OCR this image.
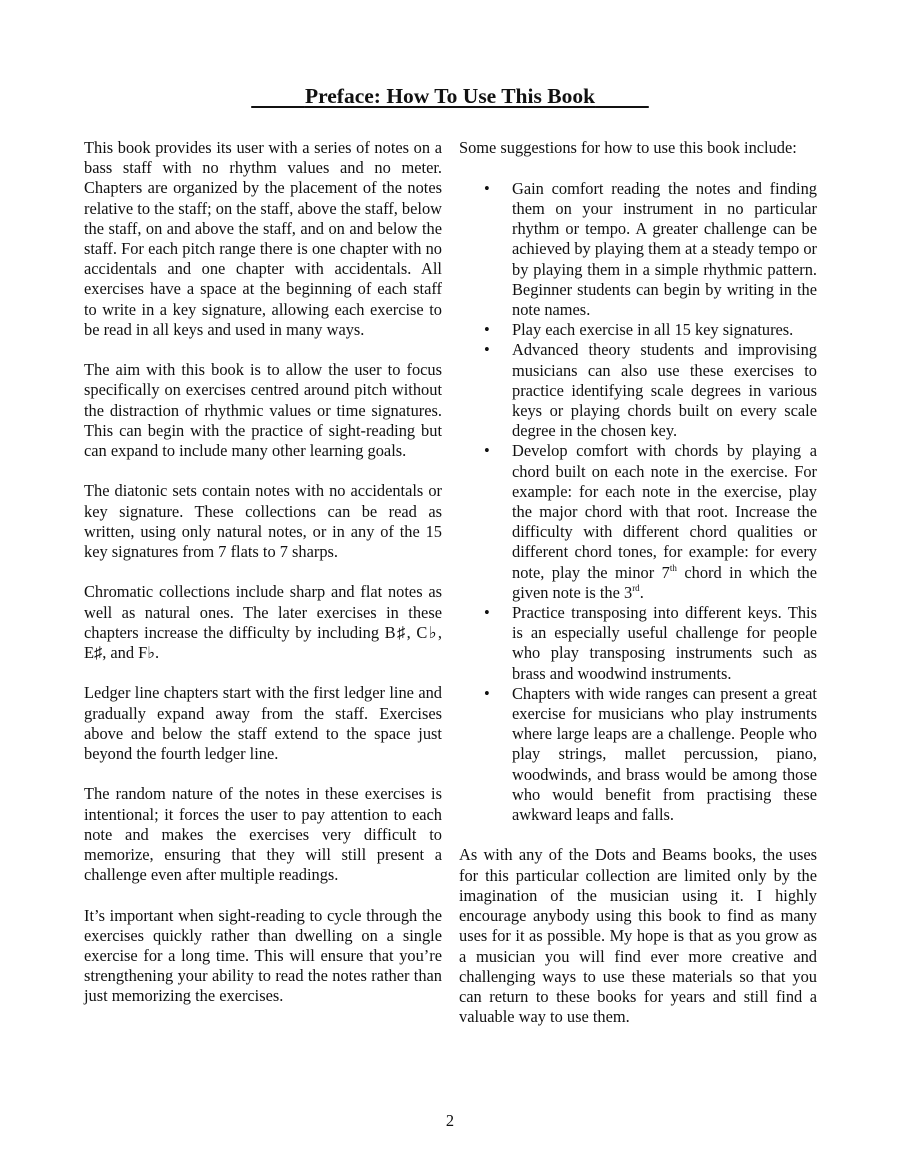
Preface: How To Use This Book

This book provides its user with a series of notes on a bass staff with no rhythm values and no meter. Chapters are organized by the placement of the notes relative to the staff; on the staff, above the staff, below the staff, on and above the staff, and on and below the staff. For each pitch range there is one chapter with no accidentals and one chapter with accidentals. All exercises have a space at the beginning of each staff to write in a key signature, allowing each exercise to be read in all keys and used in many ways.

The aim with this book is to allow the user to focus specifically on exercises centred around pitch without the distraction of rhythmic values or time signatures. This can begin with the practice of sight-reading but can expand to include many other learning goals.

The diatonic sets contain notes with no accidentals or key signature. These collections can be read as written, using only natural notes, or in any of the 15 key signatures from 7 flats to 7 sharps.

Chromatic collections include sharp and flat notes as well as natural ones. The later exercises in these chapters increase the difficulty by including B♯, C♭, E♯, and F♭.

Ledger line chapters start with the first ledger line and gradually expand away from the staff. Exercises above and below the staff extend to the space just beyond the fourth ledger line.

The random nature of the notes in these exercises is intentional; it forces the user to pay attention to each note and makes the exercises very difficult to memorize, ensuring that they will still present a challenge even after multiple readings.

It’s important when sight-reading to cycle through the exercises quickly rather than dwelling on a single exercise for a long time. This will ensure that you’re strengthening your ability to read the notes rather than just memorizing the exercises.

Some suggestions for how to use this book include:

• Gain comfort reading the notes and finding them on your instrument in no particular rhythm or tempo. A greater challenge can be achieved by playing them at a steady tempo or by playing them in a simple rhythmic pattern. Beginner students can begin by writing in the note names.
• Play each exercise in all 15 key signatures.
• Advanced theory students and improvising musicians can also use these exercises to practice identifying scale degrees in various keys or playing chords built on every scale degree in the chosen key.
• Develop comfort with chords by playing a chord built on each note in the exercise. For example: for each note in the exercise, play the major chord with that root. Increase the difficulty with different chord qualities or different chord tones, for example: for every note, play the minor 7th chord in which the given note is the 3rd.
• Practice transposing into different keys. This is an especially useful challenge for people who play transposing instruments such as brass and woodwind instruments.
• Chapters with wide ranges can present a great exercise for musicians who play instruments where large leaps are a challenge. People who play strings, mallet percussion, piano, woodwinds, and brass would be among those who would benefit from practising these awkward leaps and falls.

As with any of the Dots and Beams books, the uses for this particular collection are limited only by the imagination of the musician using it. I highly encourage anybody using this book to find as many uses for it as possible. My hope is that as you grow as a musician you will find ever more creative and challenging ways to use these materials so that you can return to these books for years and still find a valuable way to use them.

2
